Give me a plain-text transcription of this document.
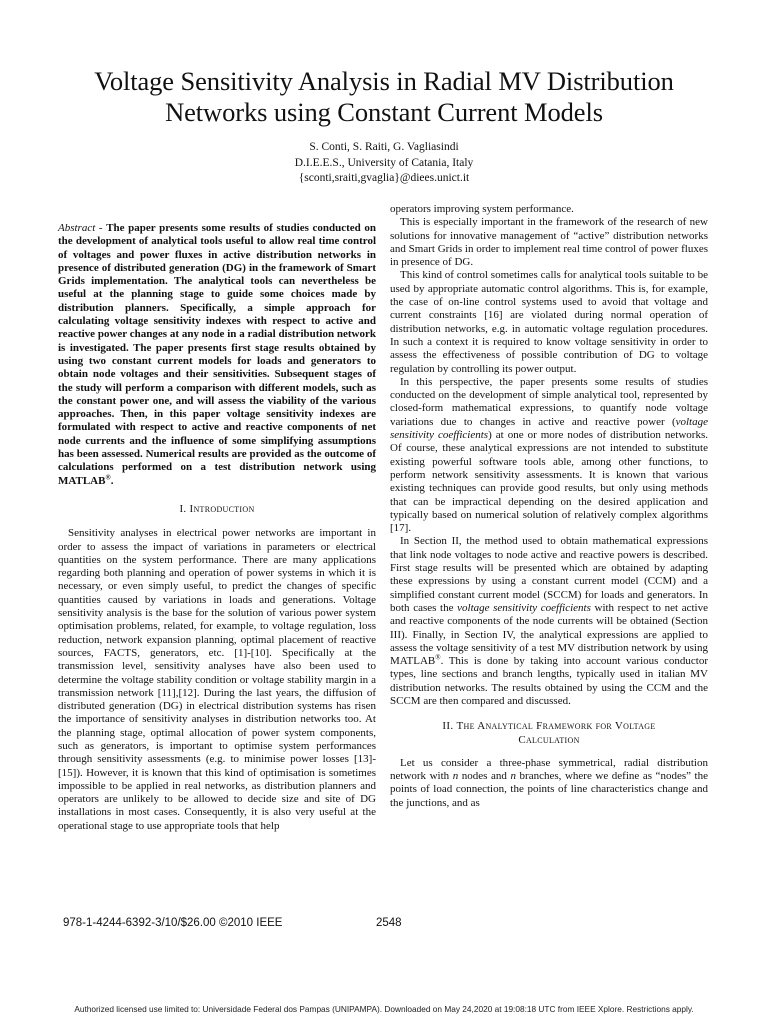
Voltage Sensitivity Analysis in Radial MV Distribution
Networks using Constant Current Models
S. Conti, S. Raiti, G. Vagliasindi
D.I.E.E.S., University of Catania, Italy
{sconti,sraiti,gvaglia}@diees.unict.it

Abstract - The paper presents some results of studies conducted on the development of analytical tools useful to allow real time control of voltages and power fluxes in active distribution networks in presence of distributed generation (DG) in the framework of Smart Grids implementation. The analytical tools can nevertheless be useful at the planning stage to guide some choices made by distribution planners. Specifically, a simple approach for calculating voltage sensitivity indexes with respect to active and reactive power changes at any node in a radial distribution network is investigated. The paper presents first stage results obtained by using two constant current models for loads and generators to obtain node voltages and their sensitivities. Subsequent stages of the study will perform a comparison with different models, such as the constant power one, and will assess the viability of the various approaches. Then, in this paper voltage sensitivity indexes are formulated with respect to active and reactive components of net node currents and the influence of some simplifying assumptions has been assessed. Numerical results are provided as the outcome of calculations performed on a test distribution network using MATLAB®.

I. Introduction

Sensitivity analyses in electrical power networks are important in order to assess the impact of variations in parameters or electrical quantities on the system performance. There are many applications regarding both planning and operation of power systems in which it is necessary, or even simply useful, to predict the changes of specific quantities caused by variations in loads and generations. Voltage sensitivity analysis is the base for the solution of various power system optimisation problems, related, for example, to voltage regulation, loss reduction, network expansion planning, optimal placement of reactive sources, FACTS, generators, etc. [1]-[10]. Specifically at the transmission level, sensitivity analyses have also been used to determine the voltage stability condition or voltage stability margin in a transmission network [11],[12]. During the last years, the diffusion of distributed generation (DG) in electrical distribution systems has risen the importance of sensitivity analyses in distribution networks too. At the planning stage, optimal allocation of power system components, such as generators, is important to optimise system performances through sensitivity assessments (e.g. to minimise power losses [13]-[15]). However, it is known that this kind of optimisation is sometimes impossible to be applied in real networks, as distribution planners and operators are unlikely to be allowed to decide size and site of DG installations in most cases. Consequently, it is also very useful at the operational stage to use appropriate tools that help

operators improving system performance.

This is especially important in the framework of the research of new solutions for innovative management of “active” distribution networks and Smart Grids in order to implement real time control of power fluxes in presence of DG.

This kind of control sometimes calls for analytical tools suitable to be used by appropriate automatic control algorithms. This is, for example, the case of on-line control systems used to avoid that voltage and current constraints [16] are violated during normal operation of distribution networks, e.g. in automatic voltage regulation procedures. In such a context it is required to know voltage sensitivity in order to assess the effectiveness of possible contribution of DG to voltage regulation by controlling its power output.

In this perspective, the paper presents some results of studies conducted on the development of simple analytical tool, represented by closed-form mathematical expressions, to quantify node voltage variations due to changes in active and reactive power (voltage sensitivity coefficients) at one or more nodes of distribution networks. Of course, these analytical expressions are not intended to substitute existing powerful software tools able, among other functions, to perform network sensitivity assessments. It is known that various existing techniques can provide good results, but only using methods that can be impractical depending on the desired application and typically based on numerical solution of relatively complex algorithms [17].

In Section II, the method used to obtain mathematical expressions that link node voltages to node active and reactive powers is described. First stage results will be presented which are obtained by adapting these expressions by using a constant current model (CCM) and a simplified constant current model (SCCM) for loads and generators. In both cases the voltage sensitivity coefficients with respect to net active and reactive components of the node currents will be obtained (Section III). Finally, in Section IV, the analytical expressions are applied to assess the voltage sensitivity of a test MV distribution network by using MATLAB®. This is done by taking into account various conductor types, line sections and branch lengths, typically used in italian MV distribution networks. The results obtained by using the CCM and the SCCM are then compared and discussed.

II. The Analytical Framework for Voltage
Calculation

Let us consider a three-phase symmetrical, radial distribution network with n nodes and n branches, where we define as “nodes” the points of load connection, the points of line characteristics change and the junctions, and as

978-1-4244-6392-3/10/$26.00 ©2010 IEEE	2548
Authorized licensed use limited to: Universidade Federal dos Pampas (UNIPAMPA). Downloaded on May 24,2020 at 19:08:18 UTC from IEEE Xplore. Restrictions apply.
